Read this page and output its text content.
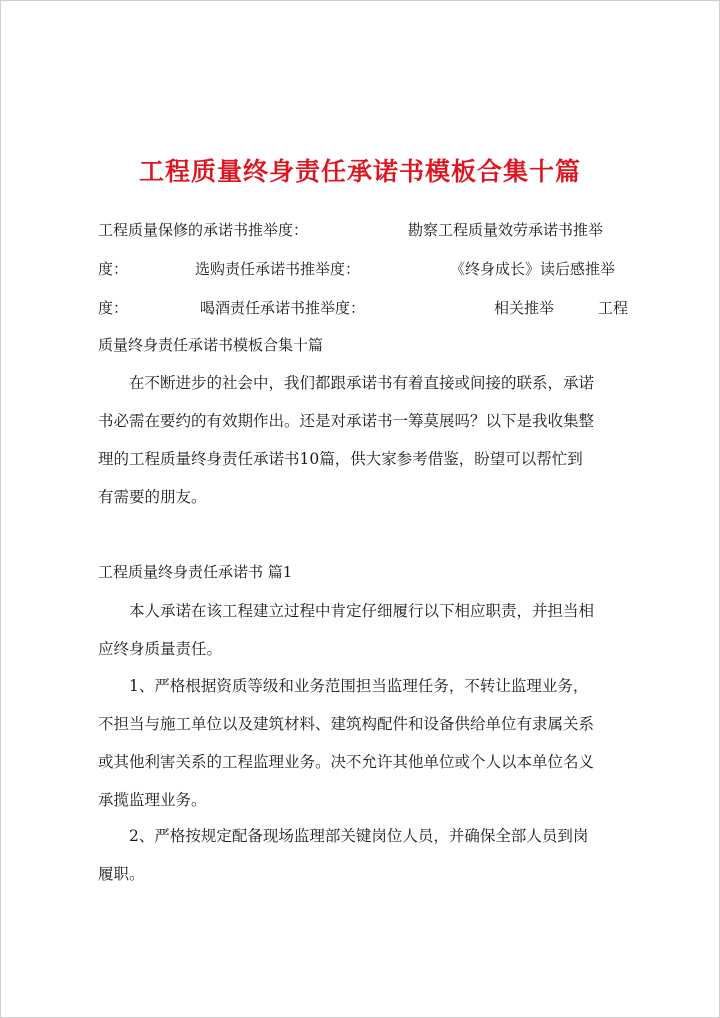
工程质量终身责任承诺书模板合集十篇
工程质量保修的承诺书推举度：	勘察工程质量效劳承诺书推举
度：	选购责任承诺书推举度：	《终身成长》读后感推举
度：	喝酒责任承诺书推举度：	相关推举	工程
质量终身责任承诺书模板合集十篇
在不断进步的社会中，我们都跟承诺书有着直接或间接的联系，承诺
书必需在要约的有效期作出。还是对承诺书一筹莫展吗？以下是我收集整
理的工程质量终身责任承诺书10篇，供大家参考借鉴，盼望可以帮忙到
有需要的朋友。
工程质量终身责任承诺书 篇1
本人承诺在该工程建立过程中肯定仔细履行以下相应职责，并担当相
应终身质量责任。
1、严格根据资质等级和业务范围担当监理任务，不转让监理业务，
不担当与施工单位以及建筑材料、建筑构配件和设备供给单位有隶属关系
或其他利害关系的工程监理业务。决不允许其他单位或个人以本单位名义
承揽监理业务。
2、严格按规定配备现场监理部关键岗位人员，并确保全部人员到岗
履职。
